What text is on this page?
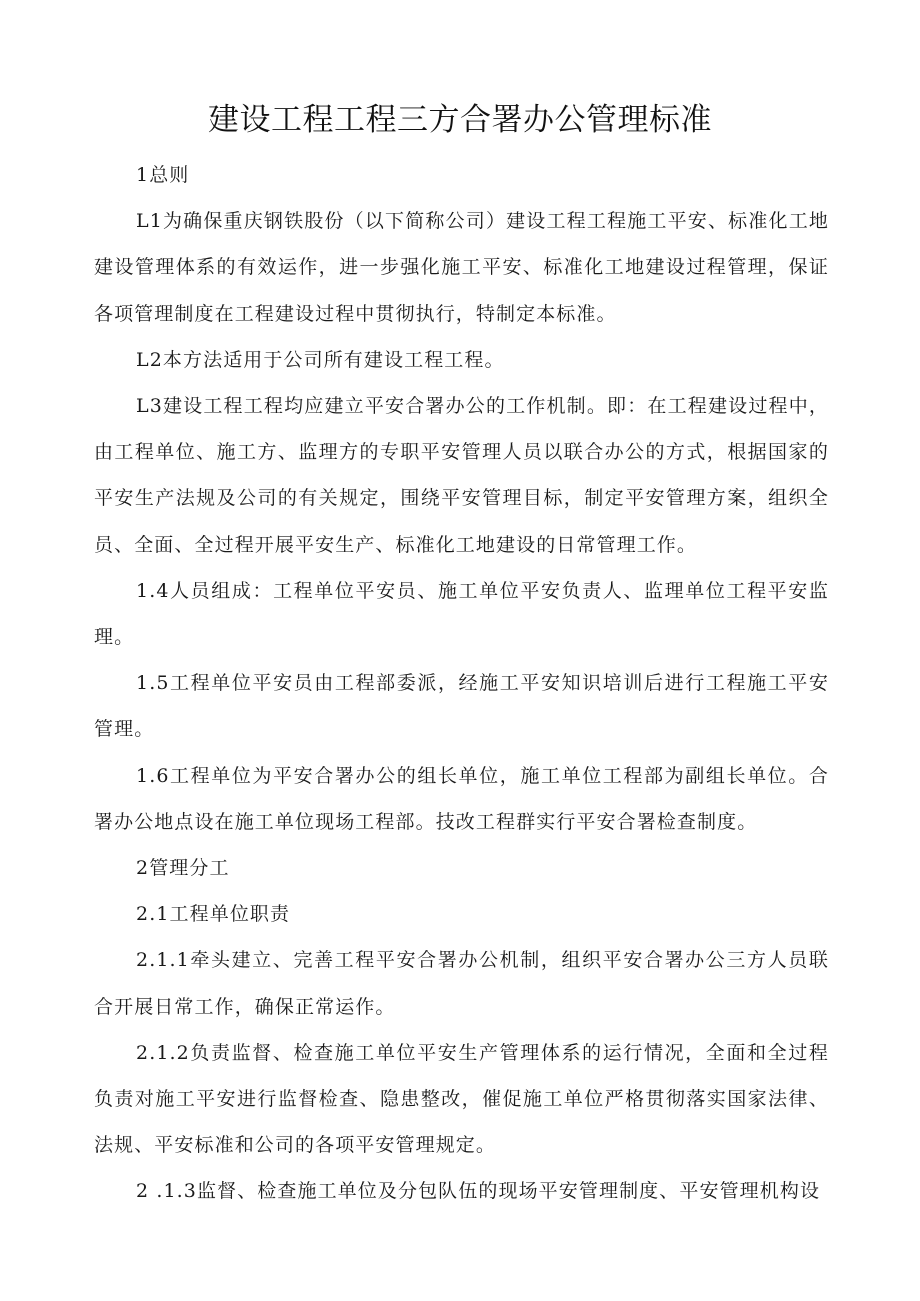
建设工程工程三方合署办公管理标准

1总则

L1为确保重庆钢铁股份（以下简称公司）建设工程工程施工平安、标准化工地建设管理体系的有效运作，进一步强化施工平安、标准化工地建设过程管理，保证各项管理制度在工程建设过程中贯彻执行，特制定本标准。

L2本方法适用于公司所有建设工程工程。

L3建设工程工程均应建立平安合署办公的工作机制。即：在工程建设过程中，由工程单位、施工方、监理方的专职平安管理人员以联合办公的方式，根据国家的平安生产法规及公司的有关规定，围绕平安管理目标，制定平安管理方案，组织全员、全面、全过程开展平安生产、标准化工地建设的日常管理工作。

1.4人员组成：工程单位平安员、施工单位平安负责人、监理单位工程平安监理。

1.5工程单位平安员由工程部委派，经施工平安知识培训后进行工程施工平安管理。

1.6工程单位为平安合署办公的组长单位，施工单位工程部为副组长单位。合署办公地点设在施工单位现场工程部。技改工程群实行平安合署检查制度。

2管理分工

2.1工程单位职责

2.1.1牵头建立、完善工程平安合署办公机制，组织平安合署办公三方人员联合开展日常工作，确保正常运作。

2.1.2负责监督、检查施工单位平安生产管理体系的运行情况，全面和全过程负责对施工平安进行监督检查、隐患整改，催促施工单位严格贯彻落实国家法律、法规、平安标准和公司的各项平安管理规定。

2 .1.3监督、检查施工单位及分包队伍的现场平安管理制度、平安管理机构设
